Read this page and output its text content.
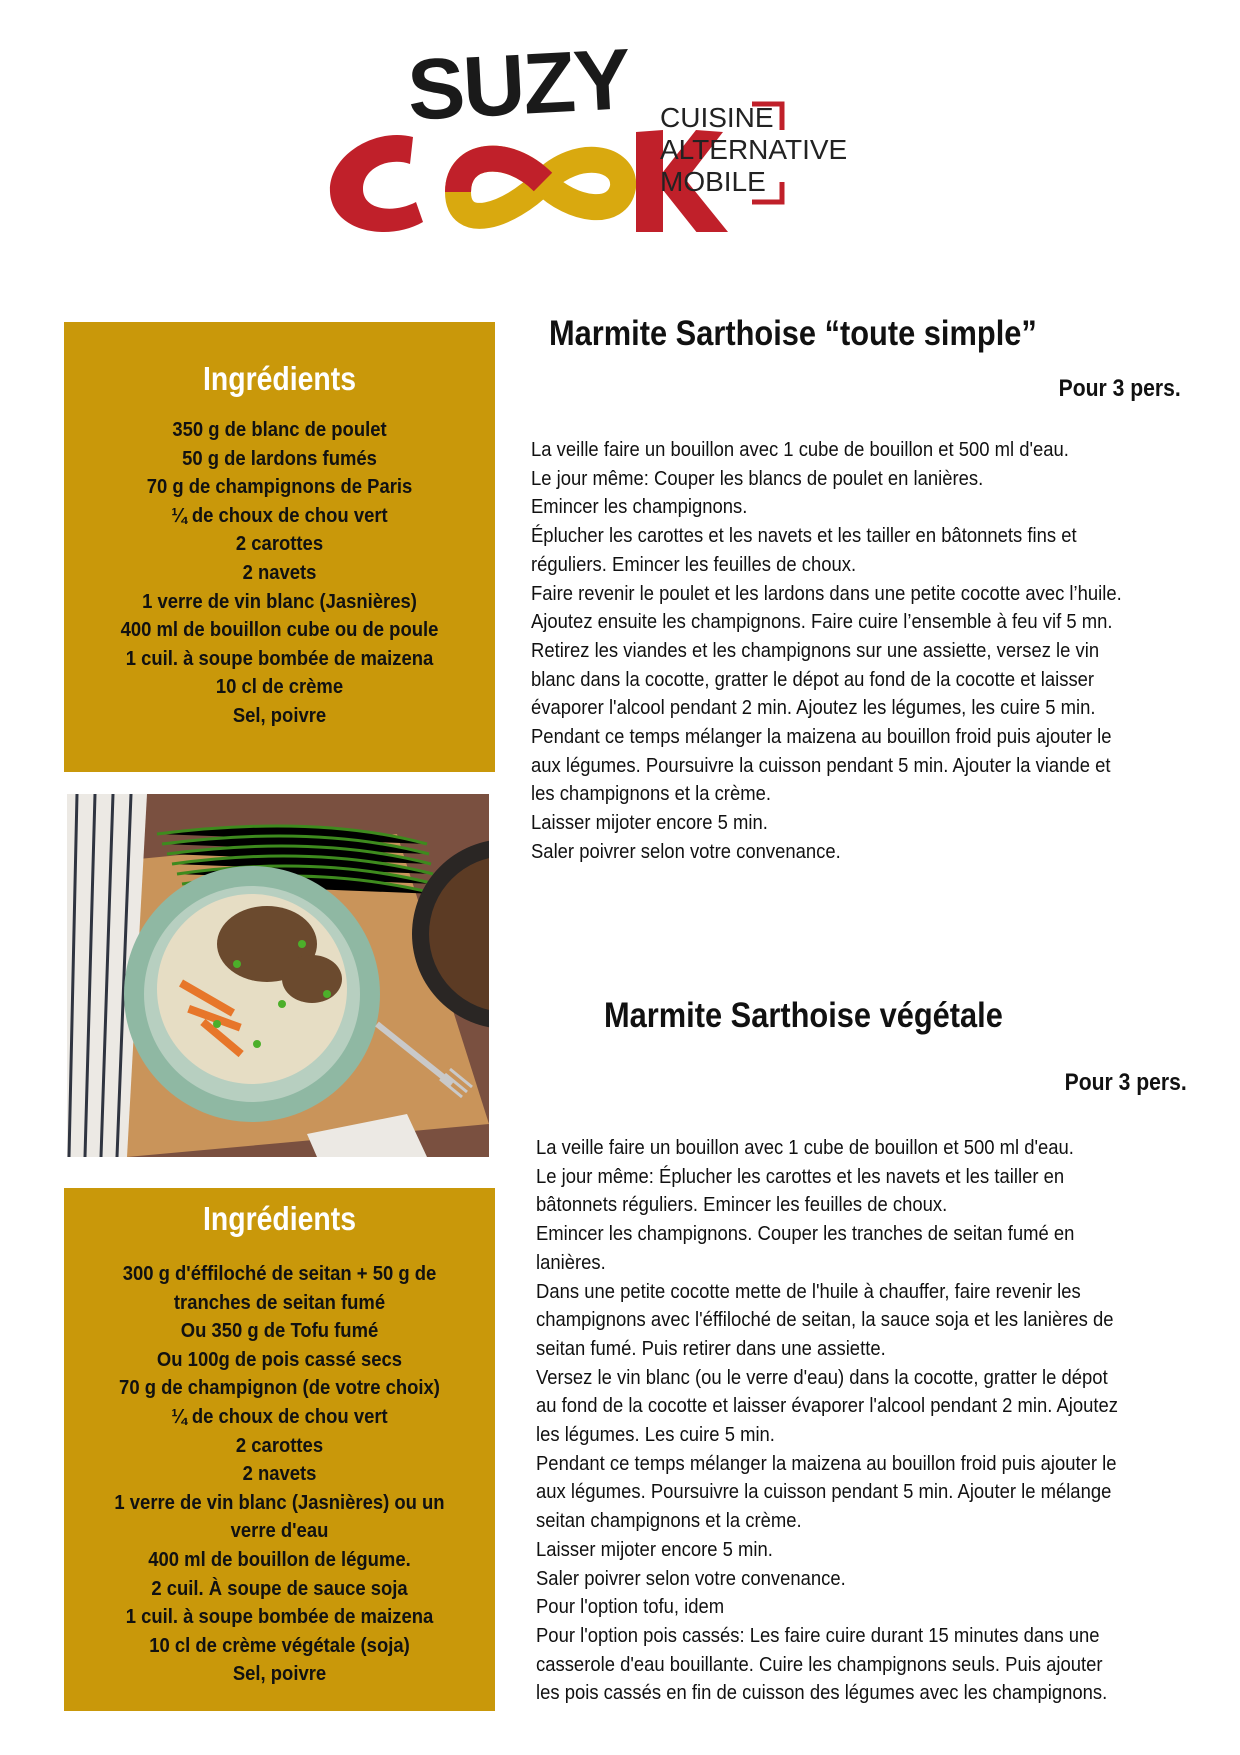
SUZY CUISINE
ALTERNATIVE
MOBILE
Ingrédients
350 g de blanc de poulet
50 g de lardons fumés
70 g de champignons de Paris
¼ de choux de chou vert
2 carottes
2 navets
1 verre de vin blanc (Jasnières)
400 ml de bouillon cube ou de poule
1 cuil. à soupe bombée de maizena
10 cl de crème
Sel, poivre
Marmite Sarthoise “toute simple”
Pour 3 pers.
La veille faire un bouillon avec 1 cube de bouillon et 500 ml d'eau.
Le jour même: Couper les blancs de poulet en lanières.
Emincer les champignons.
Éplucher les carottes et les navets et les tailler en bâtonnets fins et
réguliers. Emincer les feuilles de choux.
Faire revenir le poulet et les lardons dans une petite cocotte avec l’huile.
Ajoutez ensuite les champignons. Faire cuire l’ensemble à feu vif 5 mn.
Retirez les viandes et les champignons sur une assiette, versez le vin
blanc dans la cocotte, gratter le dépot au fond de la cocotte et laisser
évaporer l'alcool pendant 2 min. Ajoutez les légumes, les cuire 5 min.
Pendant ce temps mélanger la maizena au bouillon froid puis ajouter le
aux légumes. Poursuivre la cuisson pendant 5 min. Ajouter la viande et
les champignons et la crème.
Laisser mijoter encore 5 min.
Saler poivrer selon votre convenance.
Marmite Sarthoise végétale
Pour 3 pers.
La veille faire un bouillon avec 1 cube de bouillon et 500 ml d'eau.
Le jour même: Éplucher les carottes et les navets et les tailler en
bâtonnets réguliers. Emincer les feuilles de choux.
Emincer les champignons. Couper les tranches de seitan fumé en
lanières.
Dans une petite cocotte mette de l'huile à chauffer, faire revenir les
champignons avec l'éffiloché de seitan, la sauce soja et les lanières de
seitan fumé. Puis retirer dans une assiette.
Versez le vin blanc (ou le verre d'eau) dans la cocotte, gratter le dépot
au fond de la cocotte et laisser évaporer l'alcool pendant 2 min. Ajoutez
les légumes. Les cuire 5 min.
Pendant ce temps mélanger la maizena au bouillon froid puis ajouter le
aux légumes. Poursuivre la cuisson pendant 5 min. Ajouter le mélange
seitan champignons et la crème.
Laisser mijoter encore 5 min.
Saler poivrer selon votre convenance.
Pour l'option tofu, idem
Pour l'option pois cassés: Les faire cuire durant 15 minutes dans une
casserole d'eau bouillante. Cuire les champignons seuls. Puis ajouter
les pois cassés en fin de cuisson des légumes avec les champignons.
Ingrédients
300 g d'éffiloché de seitan + 50 g de
tranches de seitan fumé
Ou 350 g de Tofu fumé
Ou 100g de pois cassé secs
70 g de champignon (de votre choix)
¼ de choux de chou vert
2 carottes
2 navets
1 verre de vin blanc (Jasnières) ou un
verre d'eau
400 ml de bouillon de légume.
2 cuil. À soupe de sauce soja
1 cuil. à soupe bombée de maizena
10 cl de crème végétale (soja)
Sel, poivre
